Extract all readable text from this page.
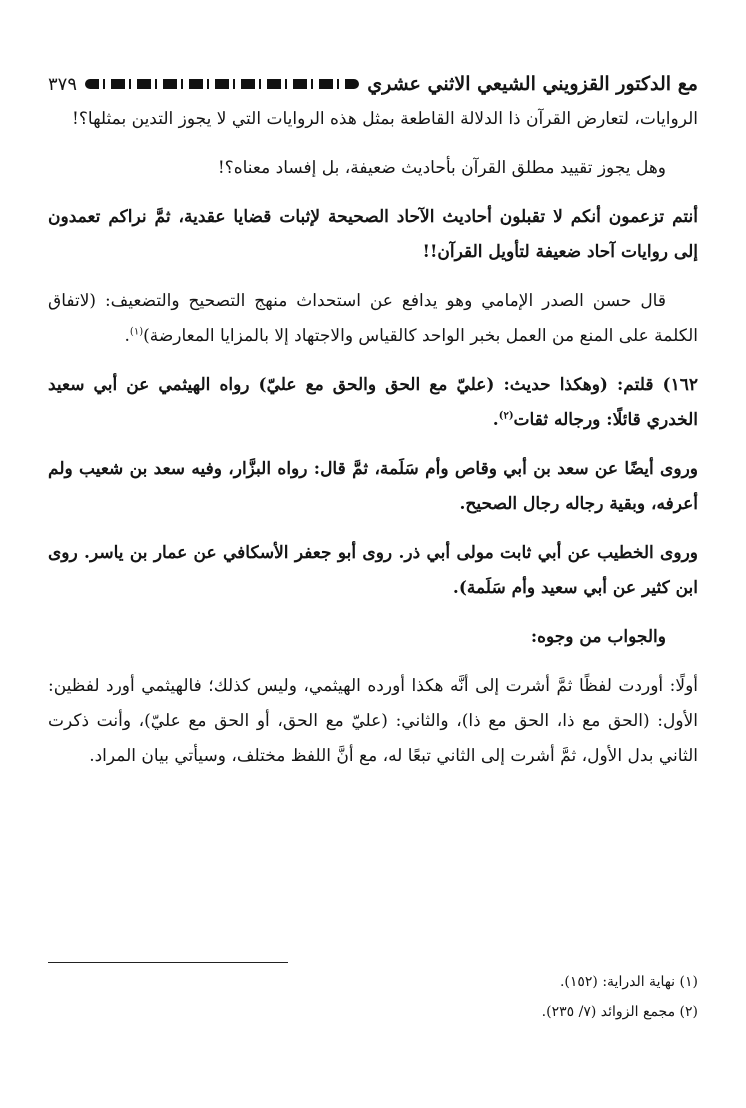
مع الدكتور القزويني الشيعي الاثني عشري
٣٧٩

الروايات، لتعارض القرآن ذا الدلالة القاطعة بمثل هذه الروايات التي لا يجوز التدين بمثلها؟!

وهل يجوز تقييد مطلق القرآن بأحاديث ضعيفة، بل إفساد معناه؟!

أنتم تزعمون أنكم لا تقبلون أحاديث الآحاد الصحيحة لإثبات قضايا عقدية، ثمَّ نراكم تعمدون إلى روايات آحاد ضعيفة لتأويل القرآن!!

قال حسن الصدر الإمامي وهو يدافع عن استحداث منهج التصحيح والتضعيف: (لاتفاق الكلمة على المنع من العمل بخبر الواحد كالقياس والاجتهاد إلا بالمزايا المعارضة)$^{(١)}$.

١٦٢) قلتم: (وهكذا حديث: (عليّ مع الحق والحق مع عليّ) رواه الهيثمي عن أبي سعيد الخدري قائلًا: ورجاله ثقات$^{(٢)}$.

وروى أيضًا عن سعد بن أبي وقاص وأم سَلَمة، ثمَّ قال: رواه البزَّار، وفيه سعد بن شعيب ولم أعرفه، وبقية رجاله رجال الصحيح.

وروى الخطيب عن أبي ثابت مولى أبي ذر. روى أبو جعفر الأسكافي عن عمار بن ياسر. روى ابن كثير عن أبي سعيد وأم سَلَمة).

والجواب من وجوه:

أولًا: أوردت لفظًا ثمَّ أشرت إلى أنَّه هكذا أورده الهيثمي، وليس كذلك؛ فالهيثمي أورد لفظين: الأول: (الحق مع ذا، الحق مع ذا)، والثاني: (عليّ مع الحق، أو الحق مع عليّ)، وأنت ذكرت الثاني بدل الأول، ثمَّ أشرت إلى الثاني تبعًا له، مع أنَّ اللفظ مختلف، وسيأتي بيان المراد.

(١) نهاية الدراية: (١٥٢).
(٢) مجمع الزوائد (٧/ ٢٣٥).
